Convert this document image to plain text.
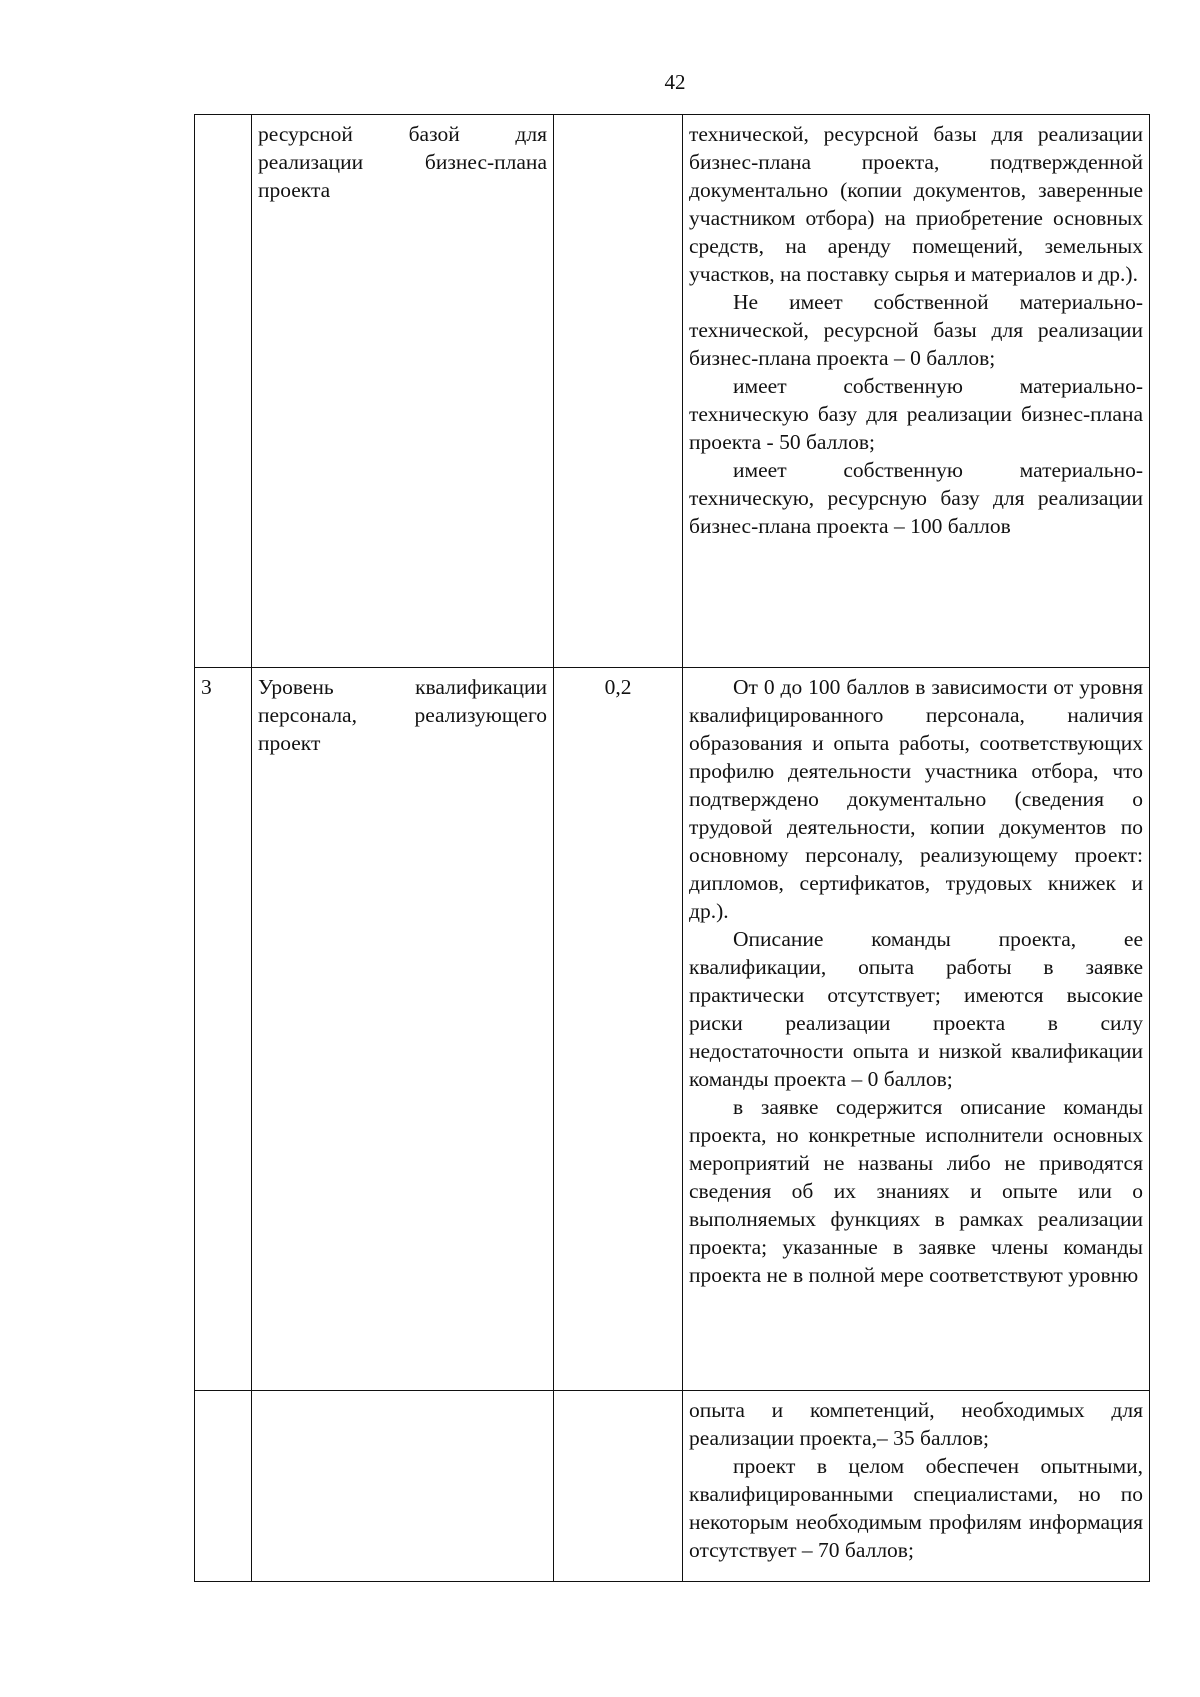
42
	ресурсной базой для реализации бизнес-плана проекта		технической, ресурсной базы для реализации бизнес-плана проекта, подтвержденной документально (копии документов, заверенные участником отбора) на приобретение основных средств, на аренду помещений, земельных участков, на поставку сырья и материалов и др.).

Не имеет собственной материально-технической, ресурсной базы для реализации бизнес-плана проекта – 0 баллов;

имеет собственную материально-техническую базу для реализации бизнес-плана проекта - 50 баллов;

имеет собственную материально-техническую, ресурсную базу для реализации бизнес-плана проекта – 100 баллов

3	Уровень квалификации персонала, реализующего проект	0,2	От 0 до 100 баллов в зависимости от уровня квалифицированного персонала, наличия образования и опыта работы, соответствующих профилю деятельности участника отбора, что подтверждено документально (сведения о трудовой деятельности, копии документов по основному персоналу, реализующему проект: дипломов, сертификатов, трудовых книжек и др.).

Описание команды проекта, ее квалификации, опыта работы в заявке практически отсутствует; имеются высокие риски реализации проекта в силу недостаточности опыта и низкой квалификации команды проекта – 0 баллов;

в заявке содержится описание команды проекта, но конкретные исполнители основных мероприятий не названы либо не приводятся сведения об их знаниях и опыте или о выполняемых функциях в рамках реализации проекта; указанные в заявке члены команды проекта не в полной мере соответствуют уровню

			опыта и компетенций, необходимых для реализации проекта,– 35 баллов;

проект в целом обеспечен опытными, квалифицированными специалистами, но по некоторым необходимым профилям информация отсутствует – 70 баллов;
